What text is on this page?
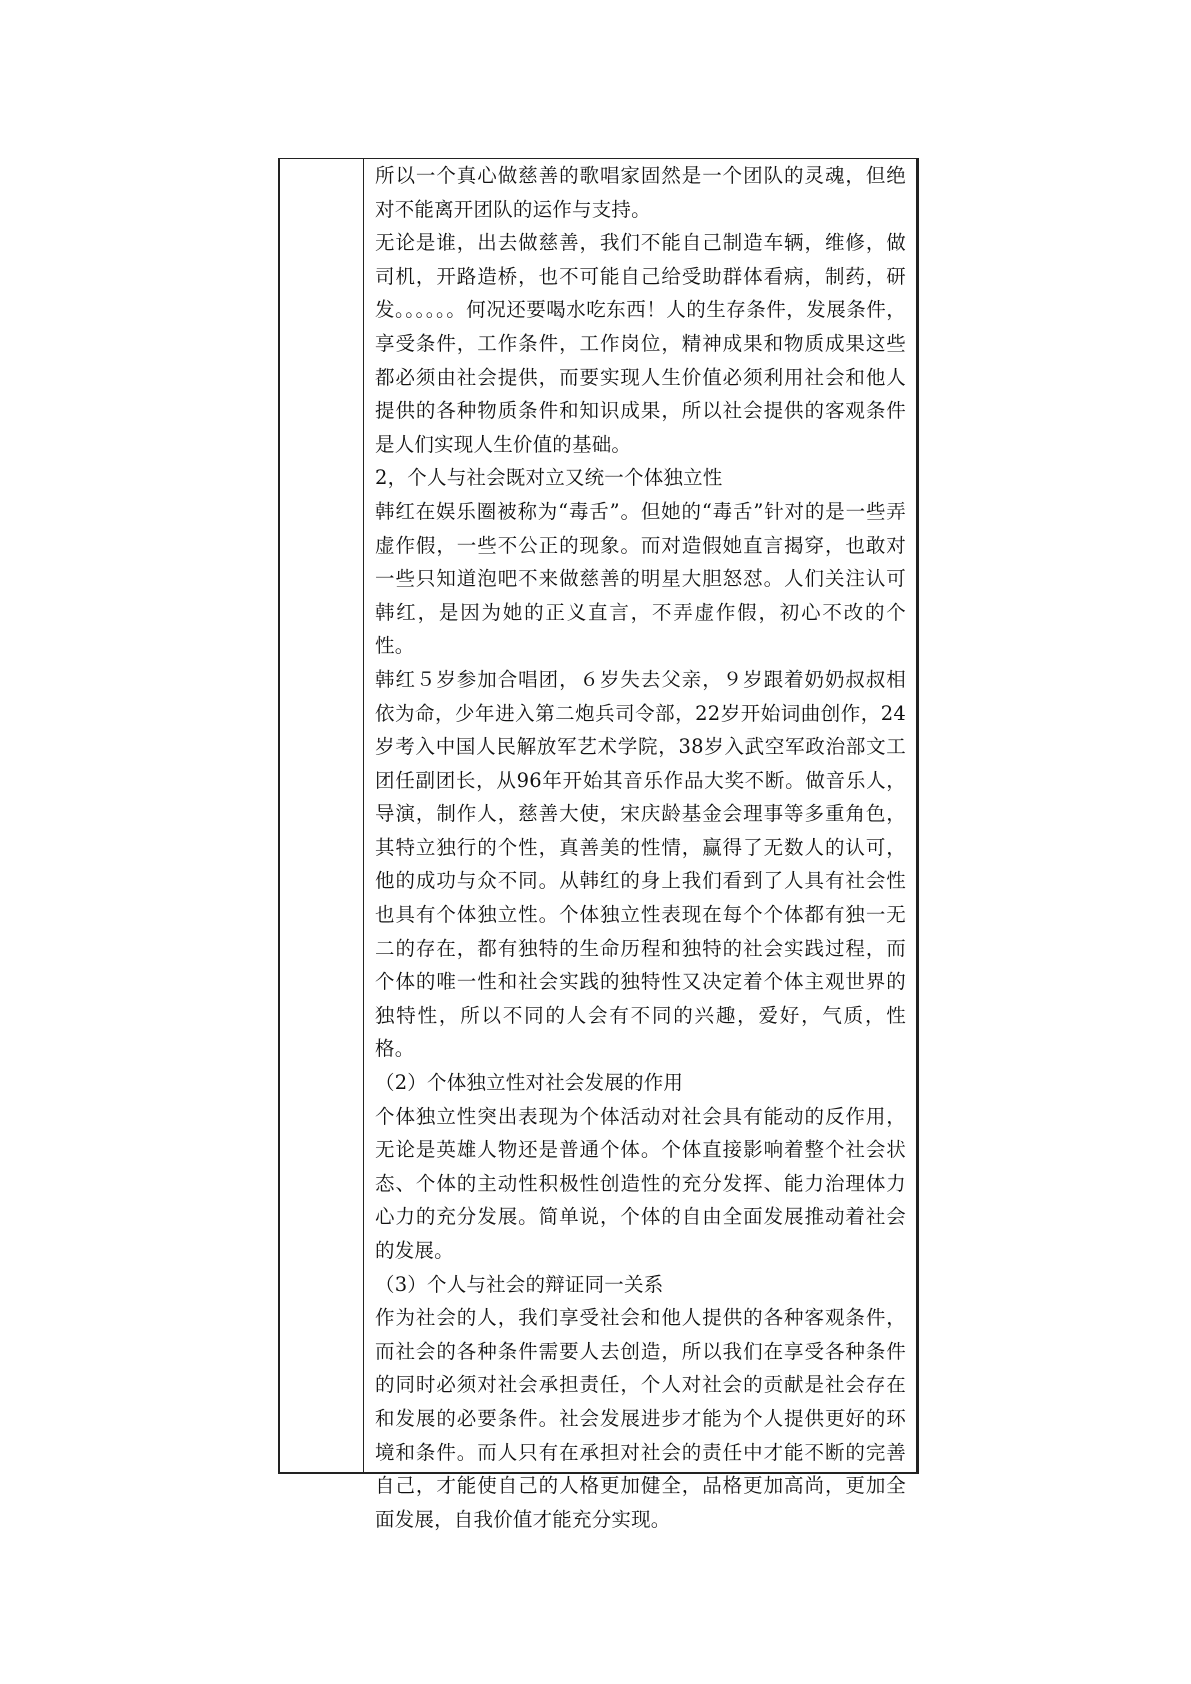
所以一个真心做慈善的歌唱家固然是一个团队的灵魂，但绝对不能离开团队的运作与支持。

无论是谁，出去做慈善，我们不能自己制造车辆，维修，做司机，开路造桥，也不可能自己给受助群体看病，制药，研发。。。。。。何况还要喝水吃东西！人的生存条件，发展条件，享受条件，工作条件，工作岗位，精神成果和物质成果这些都必须由社会提供，而要实现人生价值必须利用社会和他人提供的各种物质条件和知识成果，所以社会提供的客观条件是人们实现人生价值的基础。

2，个人与社会既对立又统一个体独立性

韩红在娱乐圈被称为“毒舌”。但她的“毒舌”针对的是一些弄虚作假，一些不公正的现象。而对造假她直言揭穿，也敢对一些只知道泡吧不来做慈善的明星大胆怒怼。人们关注认可韩红，是因为她的正义直言，不弄虚作假，初心不改的个性。

韩红５岁参加合唱团，６岁失去父亲，９岁跟着奶奶叔叔相依为命，少年进入第二炮兵司令部，22岁开始词曲创作，24岁考入中国人民解放军艺术学院，38岁入武空军政治部文工团任副团长，从96年开始其音乐作品大奖不断。做音乐人，导演，制作人，慈善大使，宋庆龄基金会理事等多重角色，其特立独行的个性，真善美的性情，赢得了无数人的认可，他的成功与众不同。从韩红的身上我们看到了人具有社会性也具有个体独立性。个体独立性表现在每个个体都有独一无二的存在，都有独特的生命历程和独特的社会实践过程，而个体的唯一性和社会实践的独特性又决定着个体主观世界的独特性，所以不同的人会有不同的兴趣，爱好，气质，性格。

（2）个体独立性对社会发展的作用

个体独立性突出表现为个体活动对社会具有能动的反作用，无论是英雄人物还是普通个体。个体直接影响着整个社会状态、个体的主动性积极性创造性的充分发挥、能力治理体力心力的充分发展。简单说，个体的自由全面发展推动着社会的发展。

（3）个人与社会的辩证同一关系

作为社会的人，我们享受社会和他人提供的各种客观条件，而社会的各种条件需要人去创造，所以我们在享受各种条件的同时必须对社会承担责任，个人对社会的贡献是社会存在和发展的必要条件。社会发展进步才能为个人提供更好的环境和条件。而人只有在承担对社会的责任中才能不断的完善自己，才能使自己的人格更加健全，品格更加高尚，更加全面发展，自我价值才能充分实现。
